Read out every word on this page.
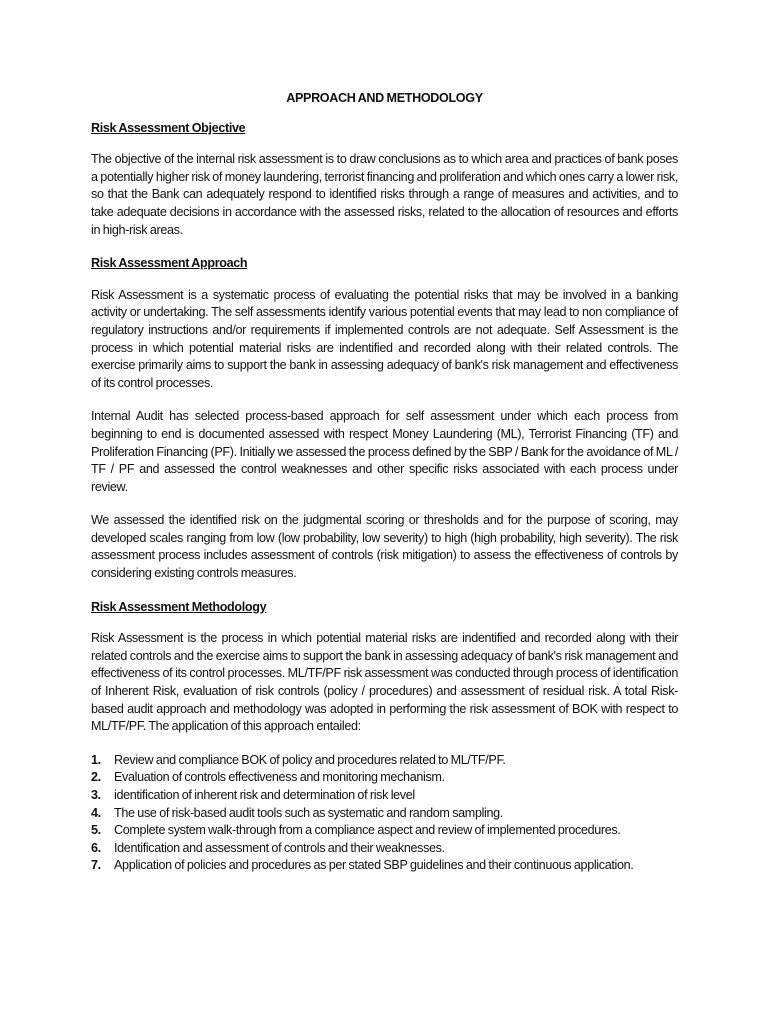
APPROACH AND METHODOLOGY
Risk Assessment Objective

The objective of the internal risk assessment is to draw conclusions as to which area and practices of bank poses a potentially higher risk of money laundering, terrorist financing and proliferation and which ones carry a lower risk, so that the Bank can adequately respond to identified risks through a range of measures and activities, and to take adequate decisions in accordance with the assessed risks, related to the allocation of resources and efforts in high-risk areas.

Risk Assessment Approach

Risk Assessment is a systematic process of evaluating the potential risks that may be involved in a banking activity or undertaking. The self assessments identify various potential events that may lead to non compliance of regulatory instructions and/or requirements if implemented controls are not adequate. Self Assessment is the process in which potential material risks are indentified and recorded along with their related controls. The exercise primarily aims to support the bank in assessing adequacy of bank's risk management and effectiveness of its control processes.

Internal Audit has selected process-based approach for self assessment under which each process from beginning to end is documented assessed with respect Money Laundering (ML), Terrorist Financing (TF) and Proliferation Financing (PF). Initially we assessed the process defined by the SBP / Bank for the avoidance of ML / TF / PF and assessed the control weaknesses and other specific risks associated with each process under review.

We assessed the identified risk on the judgmental scoring or thresholds and for the purpose of scoring, may developed scales ranging from low (low probability, low severity) to high (high probability, high severity). The risk assessment process includes assessment of controls (risk mitigation) to assess the effectiveness of controls by considering existing controls measures.

Risk Assessment Methodology

Risk Assessment is the process in which potential material risks are indentified and recorded along with their related controls and the exercise aims to support the bank in assessing adequacy of bank's risk management and effectiveness of its control processes. ML/TF/PF risk assessment was conducted through process of identification of Inherent Risk, evaluation of risk controls (policy / procedures) and assessment of residual risk. A total Risk-based audit approach and methodology was adopted in performing the risk assessment of BOK with respect to ML/TF/PF. The application of this approach entailed:

1.	Review and compliance BOK of policy and procedures related to ML/TF/PF.
2.	Evaluation of controls effectiveness and monitoring mechanism.
3.	identification of inherent risk and determination of risk level
4.	The use of risk-based audit tools such as systematic and random sampling.
5.	Complete system walk-through from a compliance aspect and review of implemented procedures.
6.	Identification and assessment of controls and their weaknesses.
7.	Application of policies and procedures as per stated SBP guidelines and their continuous application.
